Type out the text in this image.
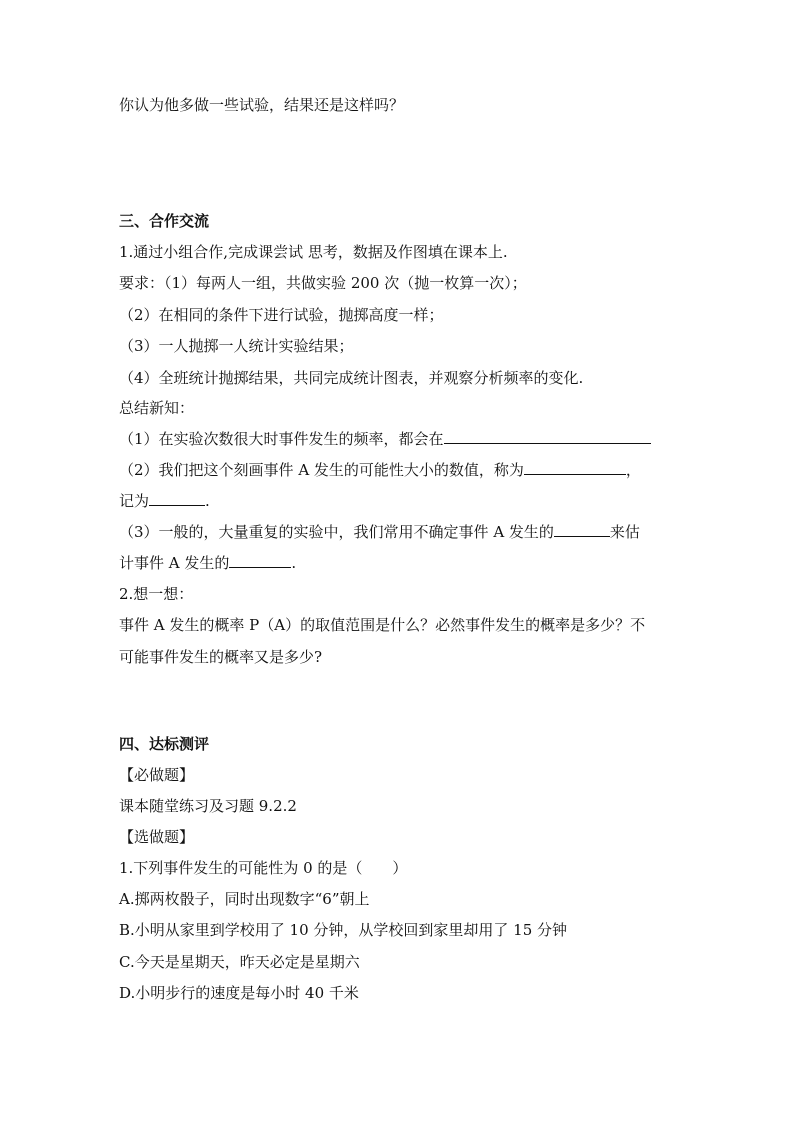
你认为他多做一些试验，结果还是这样吗？
三、合作交流
1.通过小组合作,完成课尝试 思考，数据及作图填在课本上.
要求：（1）每两人一组，共做实验 200 次（抛一枚算一次）；
（2）在相同的条件下进行试验，抛掷高度一样；
（3）一人抛掷一人统计实验结果；
（4）全班统计抛掷结果，共同完成统计图表，并观察分析频率的变化.
总结新知：
（1）在实验次数很大时事件发生的频率，都会在
（2）我们把这个刻画事件 A 发生的可能性大小的数值，称为	，
记为	.
（3）一般的，大量重复的实验中，我们常用不确定事件 A 发生的	来估
计事件 A 发生的	.
2.想一想：
事件 A 发生的概率 P（A）的取值范围是什么？必然事件发生的概率是多少？不
可能事件发生的概率又是多少?
四、达标测评
【必做题】
课本随堂练习及习题 9.2.2
【选做题】
1.下列事件发生的可能性为 0 的是（　　）
A.掷两枚骰子，同时出现数字“6”朝上
B.小明从家里到学校用了 10 分钟，从学校回到家里却用了 15 分钟
C.今天是星期天，昨天必定是星期六
D.小明步行的速度是每小时 40 千米
